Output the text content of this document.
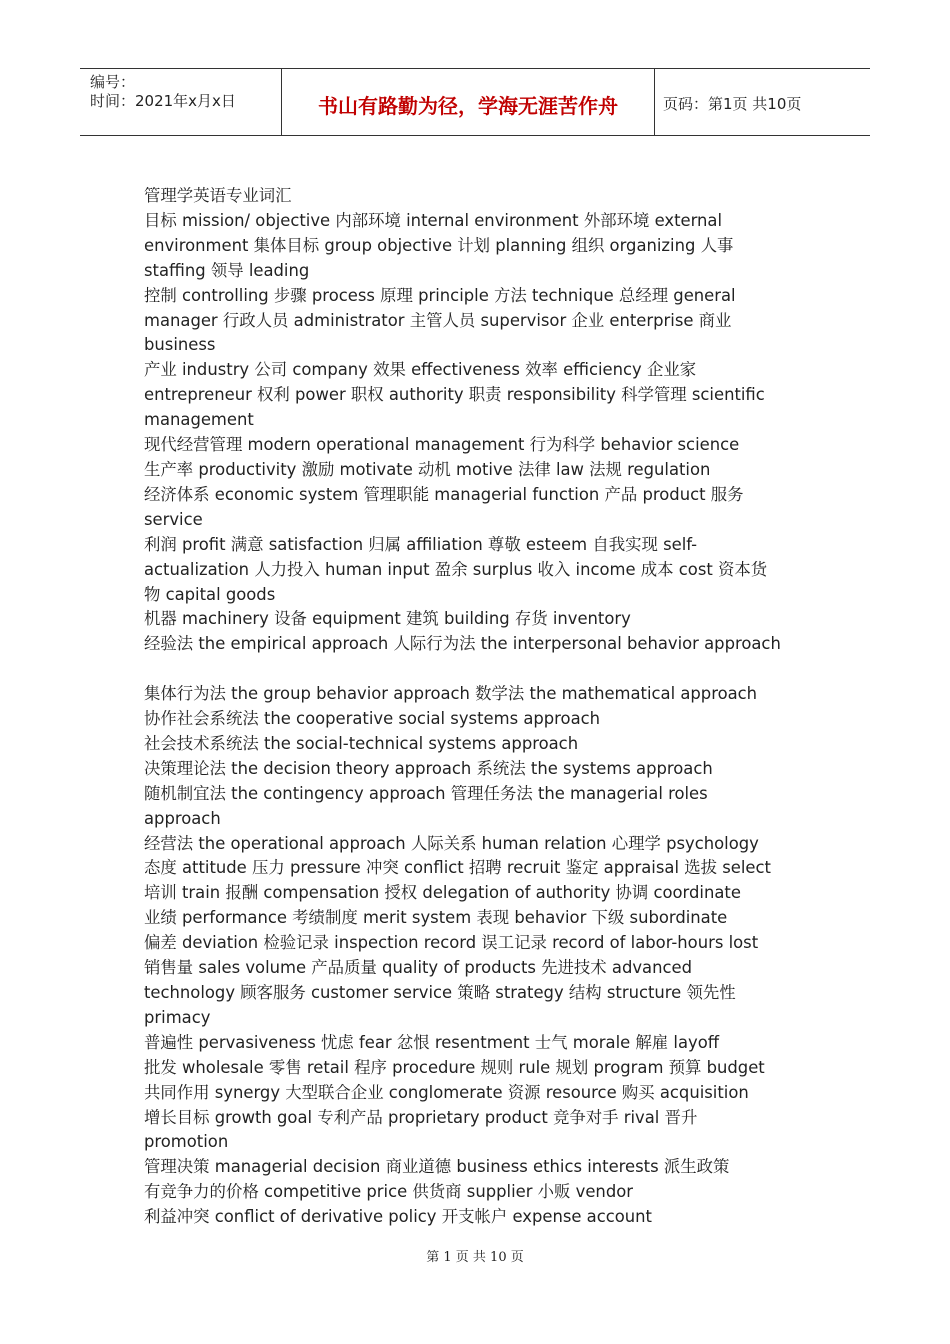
编号：
时间：2021年x月x日	书山有路勤为径，学海无涯苦作舟	页码：第1页 共10页
管理学英语专业词汇
目标 mission/ objective 内部环境 internal environment 外部环境 external
environment 集体目标 group objective 计划 planning 组织 organizing 人事
staffing 领导 leading
控制 controlling 步骤 process 原理 principle 方法 technique 总经理 general
manager 行政人员 administrator 主管人员 supervisor 企业 enterprise 商业
business
产业 industry 公司 company 效果 effectiveness 效率 efficiency 企业家
entrepreneur 权利 power 职权 authority 职责 responsibility 科学管理 scientific
management
现代经营管理 modern operational management 行为科学 behavior science
生产率 productivity 激励 motivate 动机 motive 法律 law 法规 regulation
经济体系 economic system 管理职能 managerial function 产品 product 服务
service
利润 profit 满意 satisfaction 归属 affiliation 尊敬 esteem 自我实现 self-
actualization 人力投入 human input 盈余 surplus 收入 income 成本 cost 资本货
物 capital goods
机器 machinery 设备 equipment 建筑 building 存货 inventory
经验法 the empirical approach 人际行为法 the interpersonal behavior approach
集体行为法 the group behavior approach 数学法 the mathematical approach
协作社会系统法 the cooperative social systems approach
社会技术系统法 the social-technical systems approach
决策理论法 the decision theory approach 系统法 the systems approach
随机制宜法 the contingency approach 管理任务法 the managerial roles
approach
经营法 the operational approach 人际关系 human relation 心理学 psychology
态度 attitude 压力 pressure 冲突 conflict 招聘 recruit 鉴定 appraisal 选拔 select
培训 train 报酬 compensation 授权 delegation of authority 协调 coordinate
业绩 performance 考绩制度 merit system 表现 behavior 下级 subordinate
偏差 deviation 检验记录 inspection record 误工记录 record of labor-hours lost
销售量 sales volume 产品质量 quality of products 先进技术 advanced
technology 顾客服务 customer service 策略 strategy 结构 structure 领先性
primacy
普遍性 pervasiveness 忧虑 fear 忿恨 resentment 士气 morale 解雇 layoff
批发 wholesale 零售 retail 程序 procedure 规则 rule 规划 program 预算 budget
共同作用 synergy 大型联合企业 conglomerate 资源 resource 购买 acquisition
增长目标 growth goal 专利产品 proprietary product 竞争对手 rival 晋升
promotion
管理决策 managerial decision 商业道德 business ethics interests 派生政策
有竞争力的价格 competitive price 供货商 supplier 小贩 vendor
利益冲突 conflict of derivative policy 开支帐户 expense account
第 1 页 共 10 页
